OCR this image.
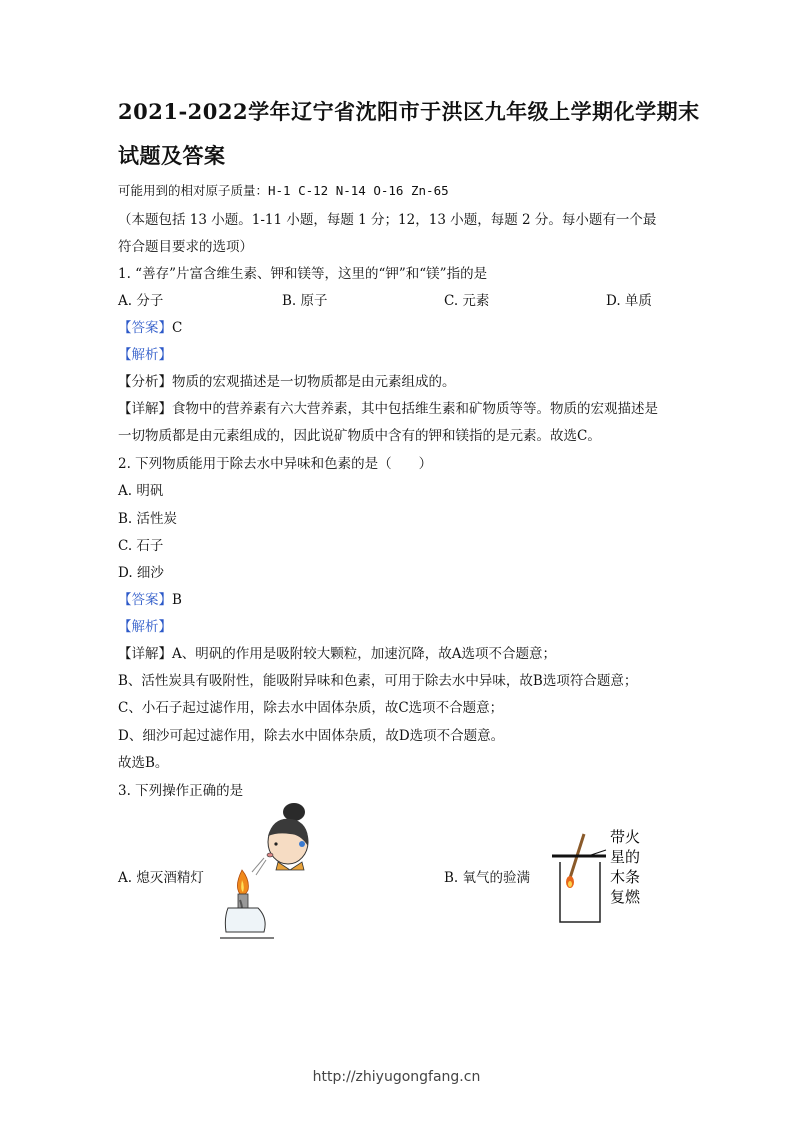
2021-2022学年辽宁省沈阳市于洪区九年级上学期化学期末
试题及答案
可能用到的相对原子质量：H-1 C-12 N-14 O-16 Zn-65
（本题包括 13 小题。1-11 小题，每题 1 分；12，13 小题，每题 2 分。每小题有一个最
符合题目要求的选项）
1. “善存”片富含维生素、钾和镁等，这里的“钾”和“镁”指的是
A. 分子	B. 原子	C. 元素	D. 单质
【答案】C
【解析】
【分析】物质的宏观描述是一切物质都是由元素组成的。
【详解】食物中的营养素有六大营养素，其中包括维生素和矿物质等等。物质的宏观描述是
一切物质都是由元素组成的，因此说矿物质中含有的钾和镁指的是元素。故选C。
2. 下列物质能用于除去水中异味和色素的是（　　）
A. 明矾
B. 活性炭
C. 石子
D. 细沙
【答案】B
【解析】
【详解】A、明矾的作用是吸附较大颗粒，加速沉降，故A选项不合题意；
B、活性炭具有吸附性，能吸附异味和色素，可用于除去水中异味，故B选项符合题意；
C、小石子起过滤作用，除去水中固体杂质，故C选项不合题意；
D、细沙可起过滤作用，除去水中固体杂质，故D选项不合题意。
故选B。
3. 下列操作正确的是
A. 熄灭酒精灯	B. 氧气的验满
带火
星的
木条
复燃
http://zhiyugongfang.cn
